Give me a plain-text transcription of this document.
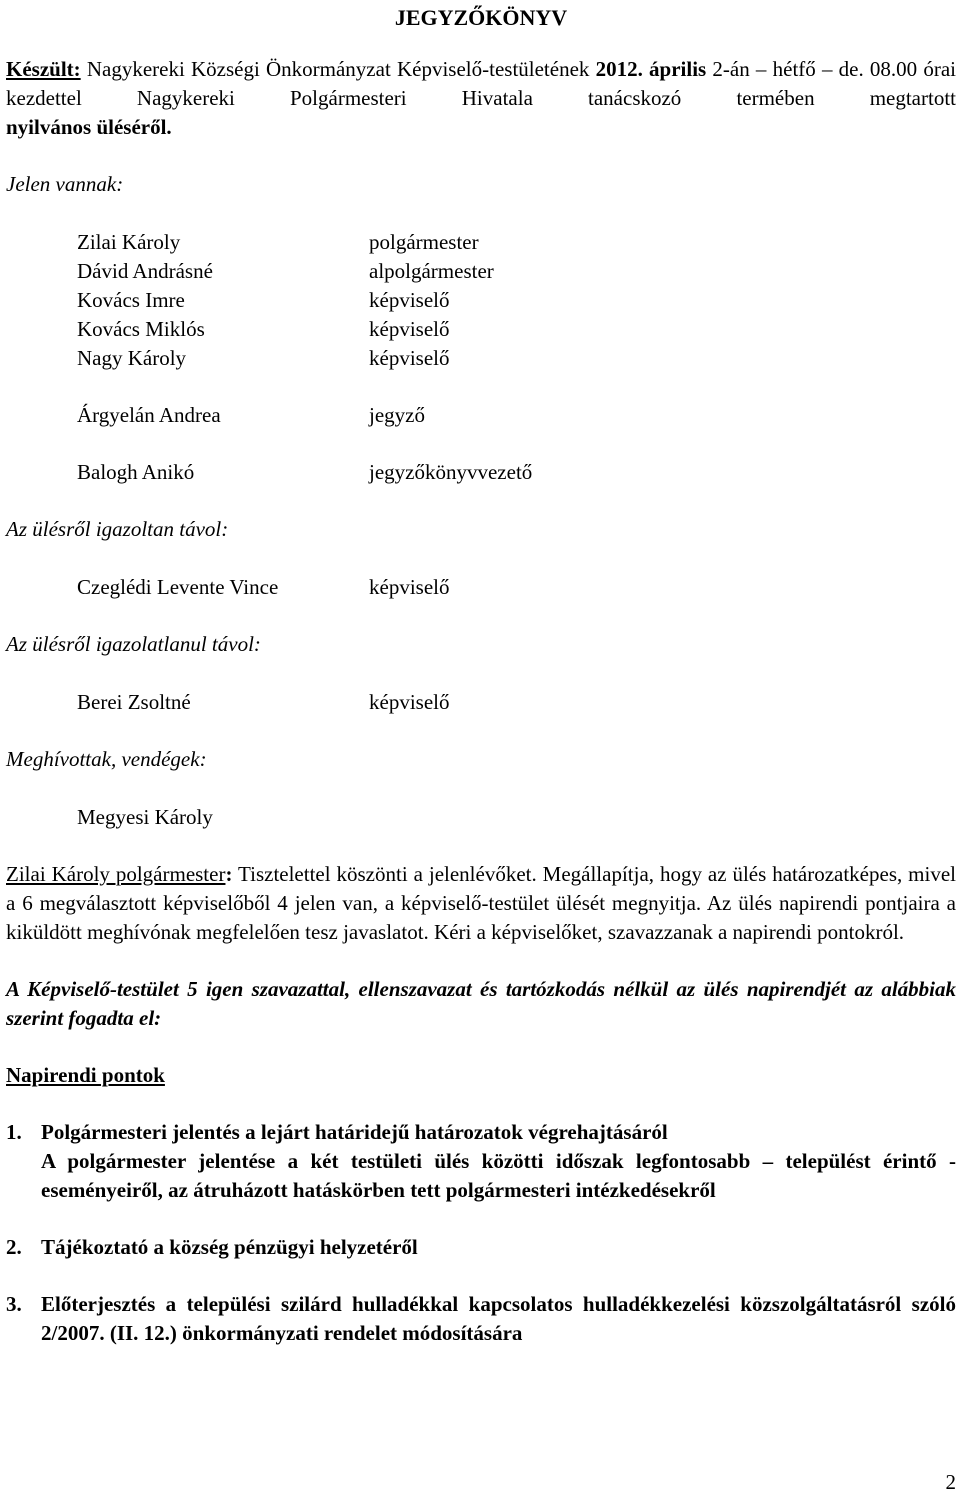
JEGYZŐKÖNYV
Készült: Nagykereki Községi Önkormányzat Képviselő-testületének 2012. április 2-án – hétfő – de. 08.00 órai kezdettel Nagykereki Polgármesteri Hivatala tanácskozó termében megtartott
nyilvános üléséről.
Jelen vannak:
Zilai Károly	polgármester
Dávid Andrásné	alpolgármester
Kovács Imre	képviselő
Kovács Miklós	képviselő
Nagy Károly	képviselő
Árgyelán Andrea	jegyző
Balogh Anikó	jegyzőkönyvvezető
Az ülésről igazoltan távol:
Czeglédi Levente Vince	képviselő
Az ülésről igazolatlanul távol:
Berei Zsoltné	képviselő
Meghívottak, vendégek:
Megyesi Károly
Zilai Károly polgármester: Tisztelettel köszönti a jelenlévőket. Megállapítja, hogy az ülés határozatképes, mivel a 6 megválasztott képviselőből 4 jelen van, a képviselő-testület ülését megnyitja. Az ülés napirendi pontjaira a kiküldött meghívónak megfelelően tesz javaslatot. Kéri a képviselőket, szavazzanak a napirendi pontokról.
A Képviselő-testület 5 igen szavazattal, ellenszavazat és tartózkodás nélkül az ülés napirendjét az alábbiak szerint fogadta el:
Napirendi pontok
1. Polgármesteri jelentés a lejárt határidejű határozatok végrehajtásáról
A polgármester jelentése a két testületi ülés közötti időszak legfontosabb – települést érintő - eseményeiről, az átruházott hatáskörben tett polgármesteri intézkedésekről
2. Tájékoztató a község pénzügyi helyzetéről
3. Előterjesztés a települési szilárd hulladékkal kapcsolatos hulladékkezelési közszolgáltatásról szóló 2/2007. (II. 12.) önkormányzati rendelet módosítására
2
